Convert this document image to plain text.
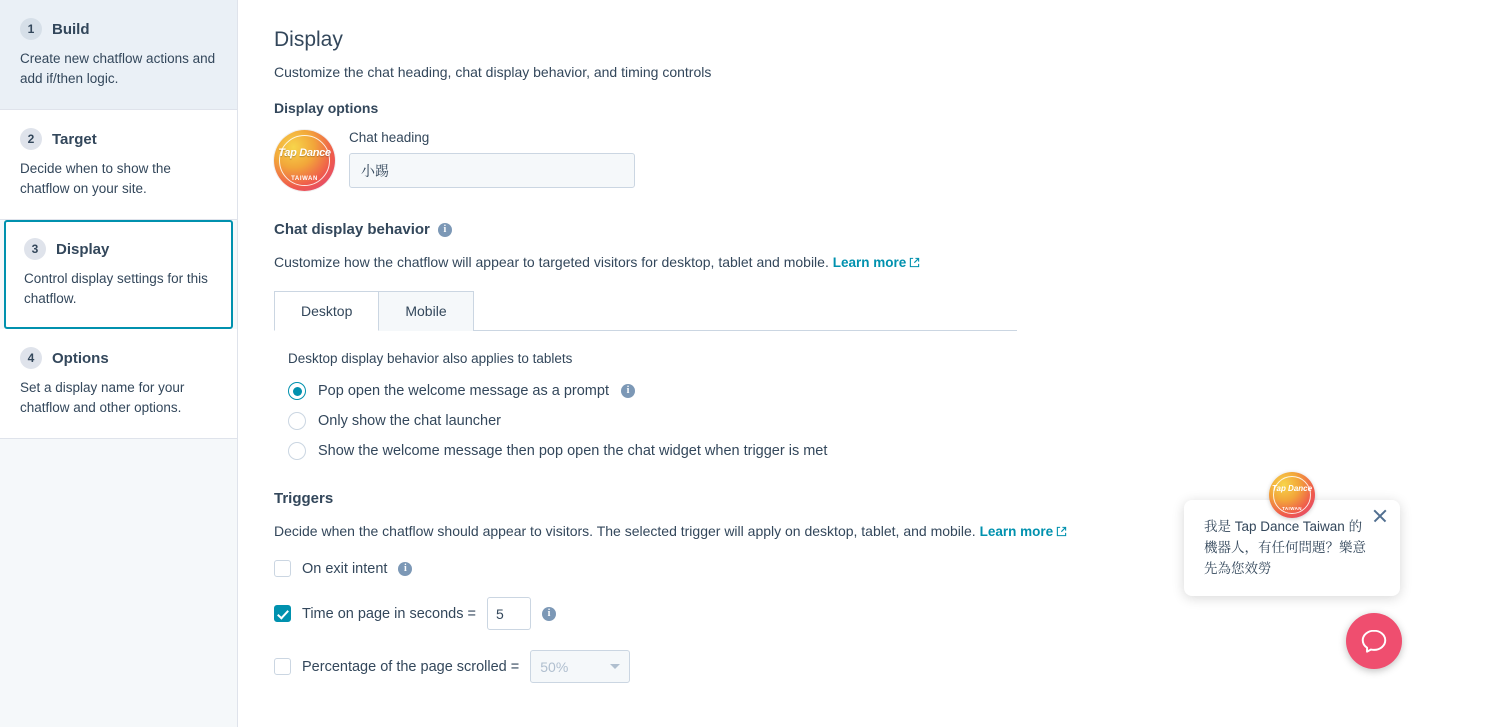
1	Build
Create new chatflow actions and add if/then logic.
2	Target
Decide when to show the chatflow on your site.
3	Display
Control display settings for this chatflow.
4	Options
Set a display name for your chatflow and other options.
Display
Customize the chat heading, chat display behavior, and timing controls
Display options
Tap Dance
TAIWAN
Chat heading
小踢
Chat display behavior	i
Customize how the chatflow will appear to targeted visitors for desktop, tablet and mobile. Learn more
Desktop	Mobile
Desktop display behavior also applies to tablets
Pop open the welcome message as a prompt	i
Only show the chat launcher
Show the welcome message then pop open the chat widget when trigger is met
Triggers
Decide when the chatflow should appear to visitors. The selected trigger will apply on desktop, tablet, and mobile. Learn more
On exit intent	i
Time on page in seconds =
5	i
Percentage of the page scrolled = 50%
我是 Tap Dance Taiwan 的 機器人，有任何問題？樂意先為您效勞
Tap Dance
TAIWAN
